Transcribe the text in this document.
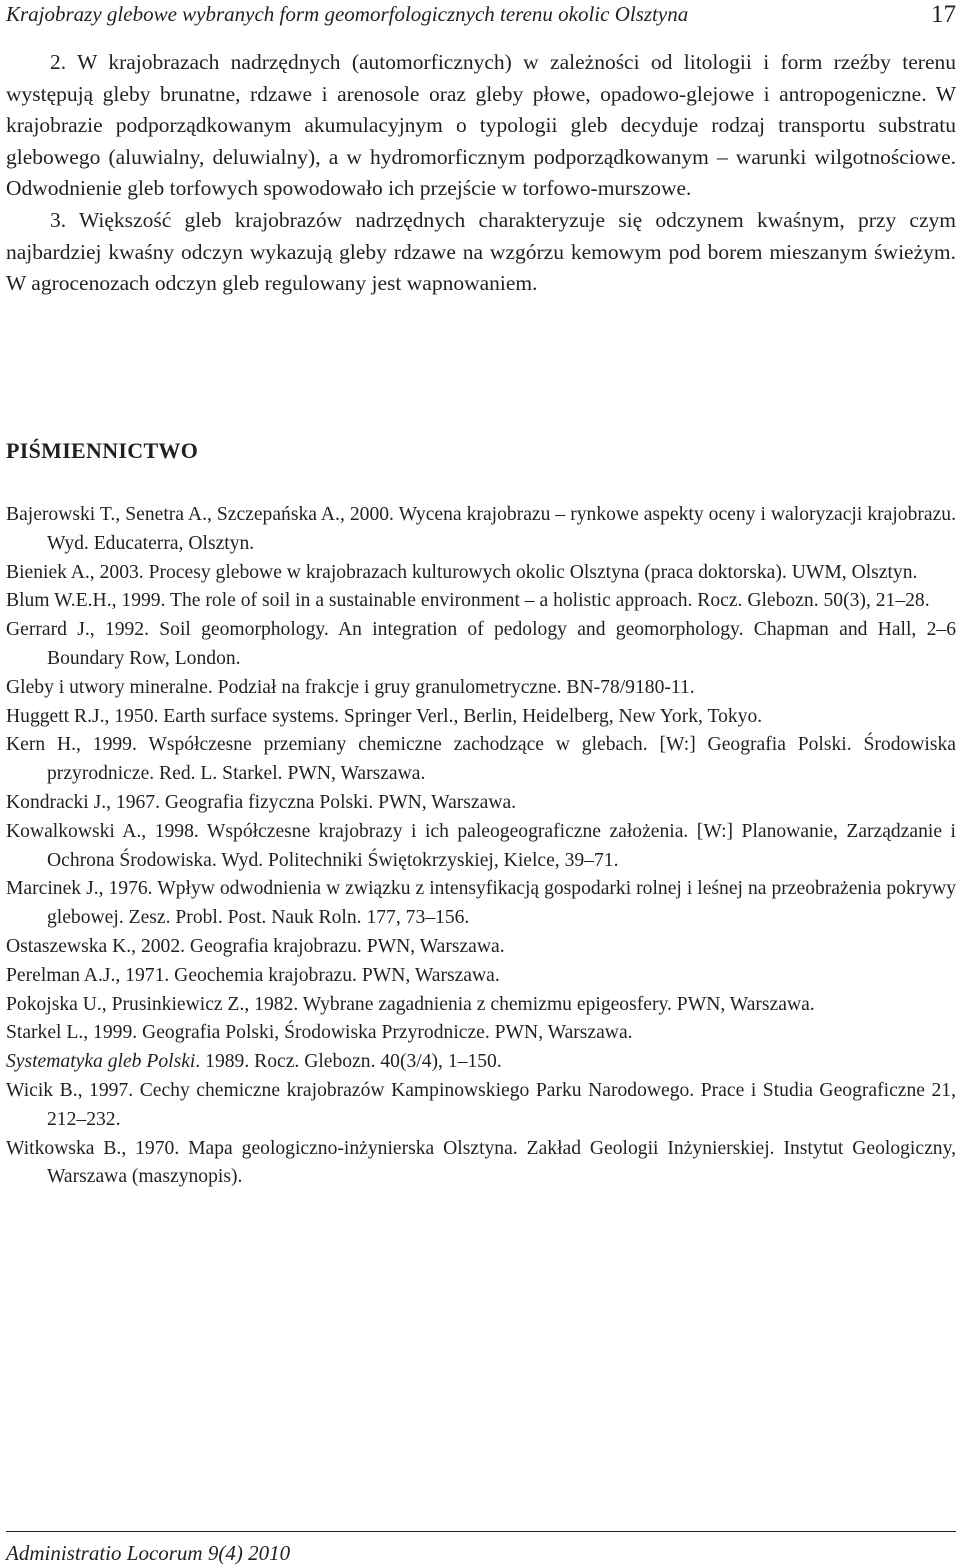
Krajobrazy glebowe wybranych form geomorfologicznych terenu okolic Olsztyna	17

2. W krajobrazach nadrzędnych (automorficznych) w zależności od litologii i form rzeźby terenu występują gleby brunatne, rdzawe i arenosole oraz gleby płowe, opadowo-glejowe i antropogeniczne. W krajobrazie podporządkowanym akumulacyjnym o typologii gleb decyduje rodzaj transportu substratu glebowego (aluwialny, deluwialny), a w hydromorficznym podporządkowanym – warunki wilgotnościowe. Odwodnienie gleb torfowych spowodowało ich przejście w torfowo-murszowe.

3. Większość gleb krajobrazów nadrzędnych charakteryzuje się odczynem kwaśnym, przy czym najbardziej kwaśny odczyn wykazują gleby rdzawe na wzgórzu kemowym pod borem mieszanym świeżym. W agrocenozach odczyn gleb regulowany jest wapnowaniem.

PIŚMIENNICTWO
Bajerowski T., Senetra A., Szczepańska A., 2000. Wycena krajobrazu – rynkowe aspekty oceny i waloryzacji krajobrazu. Wyd. Educaterra, Olsztyn.
Bieniek A., 2003. Procesy glebowe w krajobrazach kulturowych okolic Olsztyna (praca doktorska). UWM, Olsztyn.
Blum W.E.H., 1999. The role of soil in a sustainable environment – a holistic approach. Rocz. Glebozn. 50(3), 21–28.
Gerrard J., 1992. Soil geomorphology. An integration of pedology and geomorphology. Chapman and Hall, 2–6 Boundary Row, London.
Gleby i utwory mineralne. Podział na frakcje i gruy granulometryczne. BN-78/9180-11.
Huggett R.J., 1950. Earth surface systems. Springer Verl., Berlin, Heidelberg, New York, Tokyo.
Kern H., 1999. Współczesne przemiany chemiczne zachodzące w glebach. [W:] Geografia Polski. Środowiska przyrodnicze. Red. L. Starkel. PWN, Warszawa.
Kondracki J., 1967. Geografia fizyczna Polski. PWN, Warszawa.
Kowalkowski A., 1998. Współczesne krajobrazy i ich paleogeograficzne założenia. [W:] Planowanie, Zarządzanie i Ochrona Środowiska. Wyd. Politechniki Świętokrzyskiej, Kielce, 39–71.
Marcinek J., 1976. Wpływ odwodnienia w związku z intensyfikacją gospodarki rolnej i leśnej na przeobrażenia pokrywy glebowej. Zesz. Probl. Post. Nauk Roln. 177, 73–156.
Ostaszewska K., 2002. Geografia krajobrazu. PWN, Warszawa.
Perelman A.J., 1971. Geochemia krajobrazu. PWN, Warszawa.
Pokojska U., Prusinkiewicz Z., 1982. Wybrane zagadnienia z chemizmu epigeosfery. PWN, Warszawa.
Starkel L., 1999. Geografia Polski, Środowiska Przyrodnicze. PWN, Warszawa.
Systematyka gleb Polski. 1989. Rocz. Glebozn. 40(3/4), 1–150.
Wicik B., 1997. Cechy chemiczne krajobrazów Kampinowskiego Parku Narodowego. Prace i Studia Geograficzne 21, 212–232.
Witkowska B., 1970. Mapa geologiczno-inżynierska Olsztyna. Zakład Geologii Inżynierskiej. Instytut Geologiczny, Warszawa (maszynopis).
Administratio Locorum 9(4) 2010
